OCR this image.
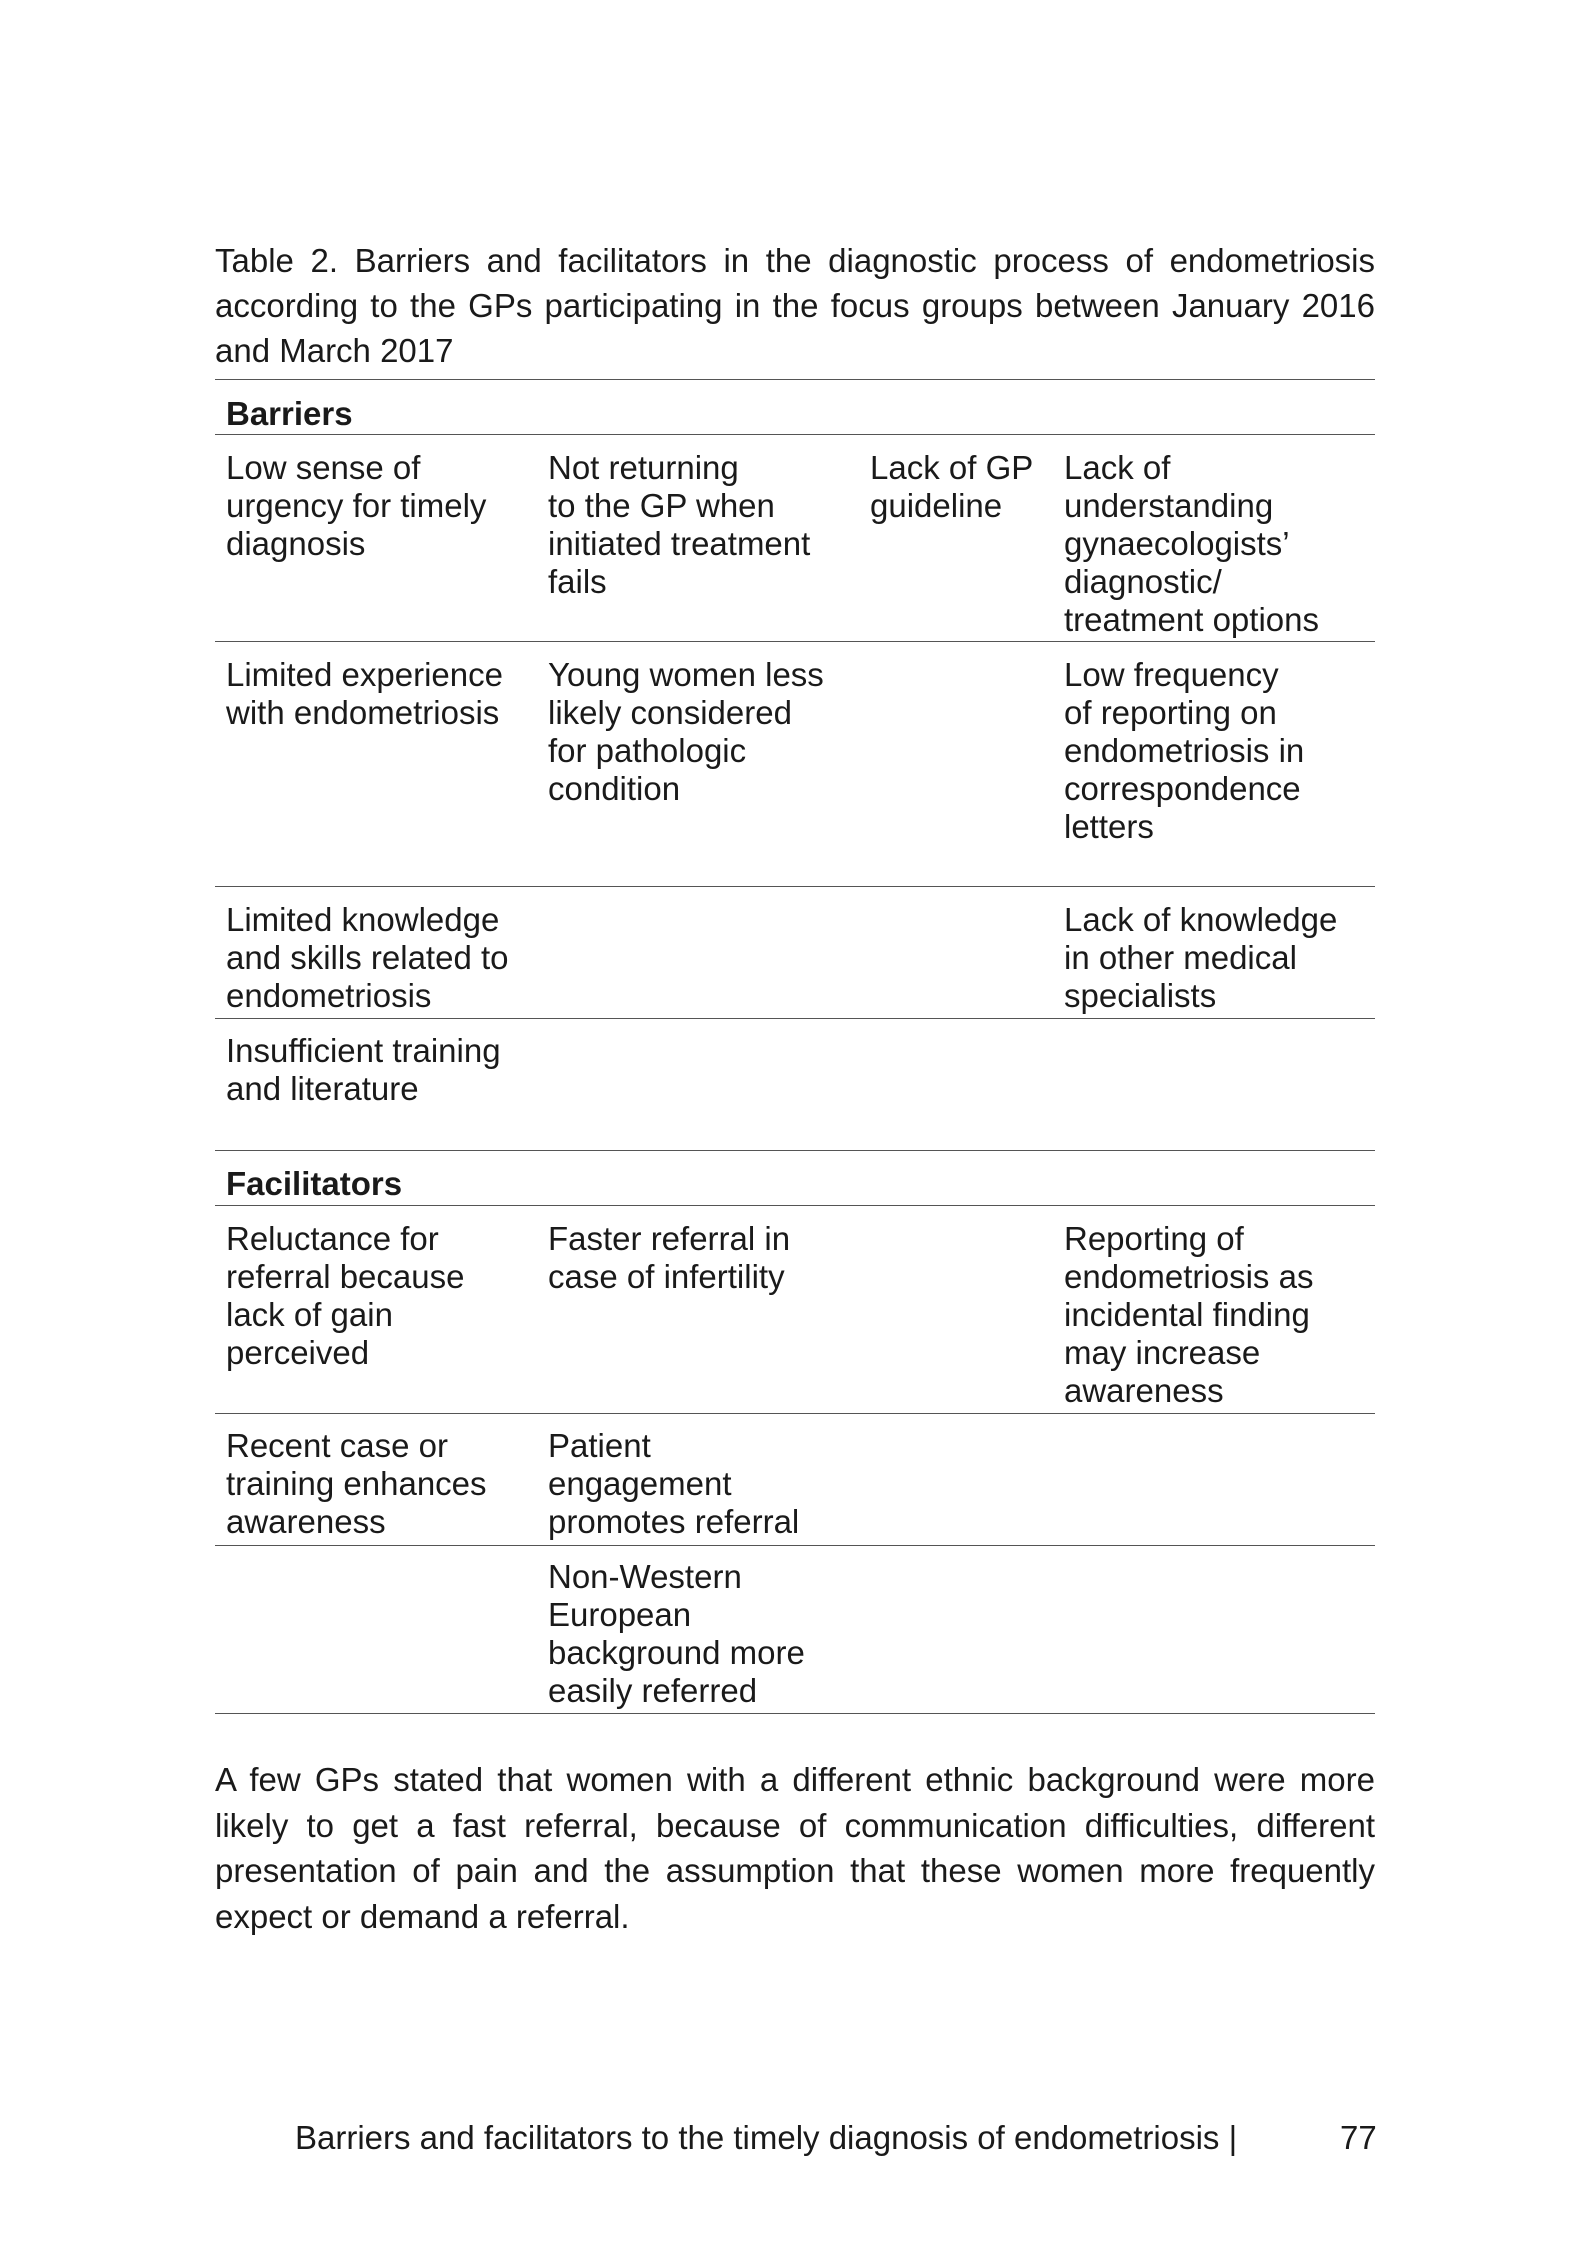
Table 2. Barriers and facilitators in the diagnostic process of endometriosis according to the GPs participating in the focus groups between January 2016 and March 2017
Barriers
Low sense of
urgency for timely
diagnosis
Not returning
to the GP when
initiated treatment
fails
Lack of GP
guideline
Lack of
understanding
gynaecologists’
diagnostic/
treatment options
Limited experience
with endometriosis
Young women less
likely considered
for pathologic
condition
Low frequency
of reporting on
endometriosis in
correspondence
letters
Limited knowledge
and skills related to
endometriosis
Lack of knowledge
in other medical
specialists
Insufficient training
and literature
Facilitators
Reluctance for
referral because
lack of gain
perceived
Faster referral in
case of infertility
Reporting of
endometriosis as
incidental finding
may increase
awareness
Recent case or
training enhances
awareness
Patient
engagement
promotes referral
Non-Western
European
background more
easily referred
A few GPs stated that women with a different ethnic background were more likely to get a fast referral, because of communication difficulties, different presentation of pain and the assumption that these women more frequently expect or demand a referral.
Barriers and facilitators to the timely diagnosis of endometriosis |	77
